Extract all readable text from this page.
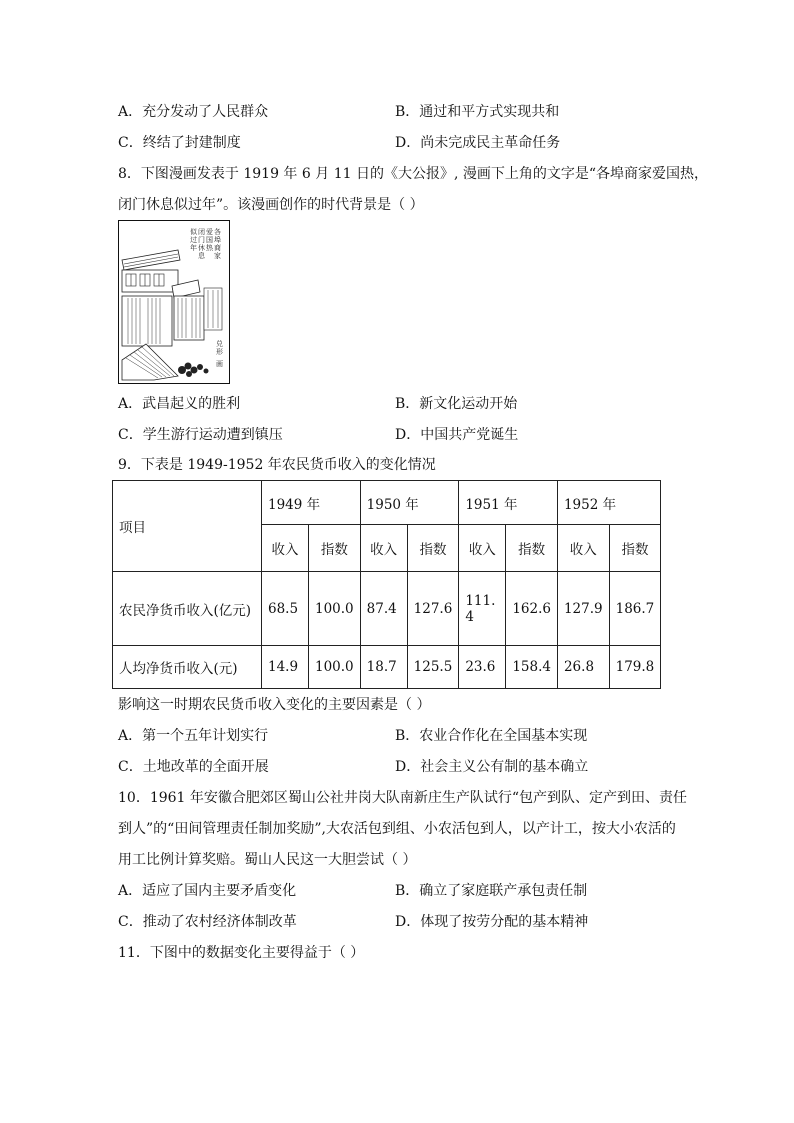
A．充分发动了人民群众	B．通过和平方式实现共和
C．终结了封建制度	D．尚未完成民主革命任务
8．下图漫画发表于 1919 年 6 月 11 日的《大公报》, 漫画下上角的文字是“各埠商家爱国热，
闭门休息似过年”。该漫画创作的时代背景是（ ）
各
埠
商
家
爱
国
热
闭
门
休
息
似
过
年
兑
形
画
A．武昌起义的胜利	B．新文化运动开始
C．学生游行运动遭到镇压	D．中国共产党诞生
9．下表是 1949-1952 年农民货币收入的变化情况
项目	1949 年		1950 年		1951 年		1952 年	
	收入	指数	收入	指数	收入	指数	收入	指数
农民净货币收入(亿元)	68.5	100.0	87.4	127.6	111.4	162.6	127.9	186.7
人均净货币收入(元)	14.9	100.0	18.7	125.5	23.6	158.4	26.8	179.8
影响这一时期农民货币收入变化的主要因素是（ ）
A．第一个五年计划实行	B．农业合作化在全国基本实现
C．土地改革的全面开展	D．社会主义公有制的基本确立
10．1961 年安徽合肥郊区蜀山公社井岗大队南新庄生产队试行“包产到队、定产到田、责任
到人”的“田间管理责任制加奖励”,大农活包到组、小农活包到人，以产计工，按大小农活的
用工比例计算奖赔。蜀山人民这一大胆尝试（ ）
A．适应了国内主要矛盾变化	B．确立了家庭联产承包责任制
C．推动了农村经济体制改革	D．体现了按劳分配的基本精神
11．下图中的数据变化主要得益于（ ）
